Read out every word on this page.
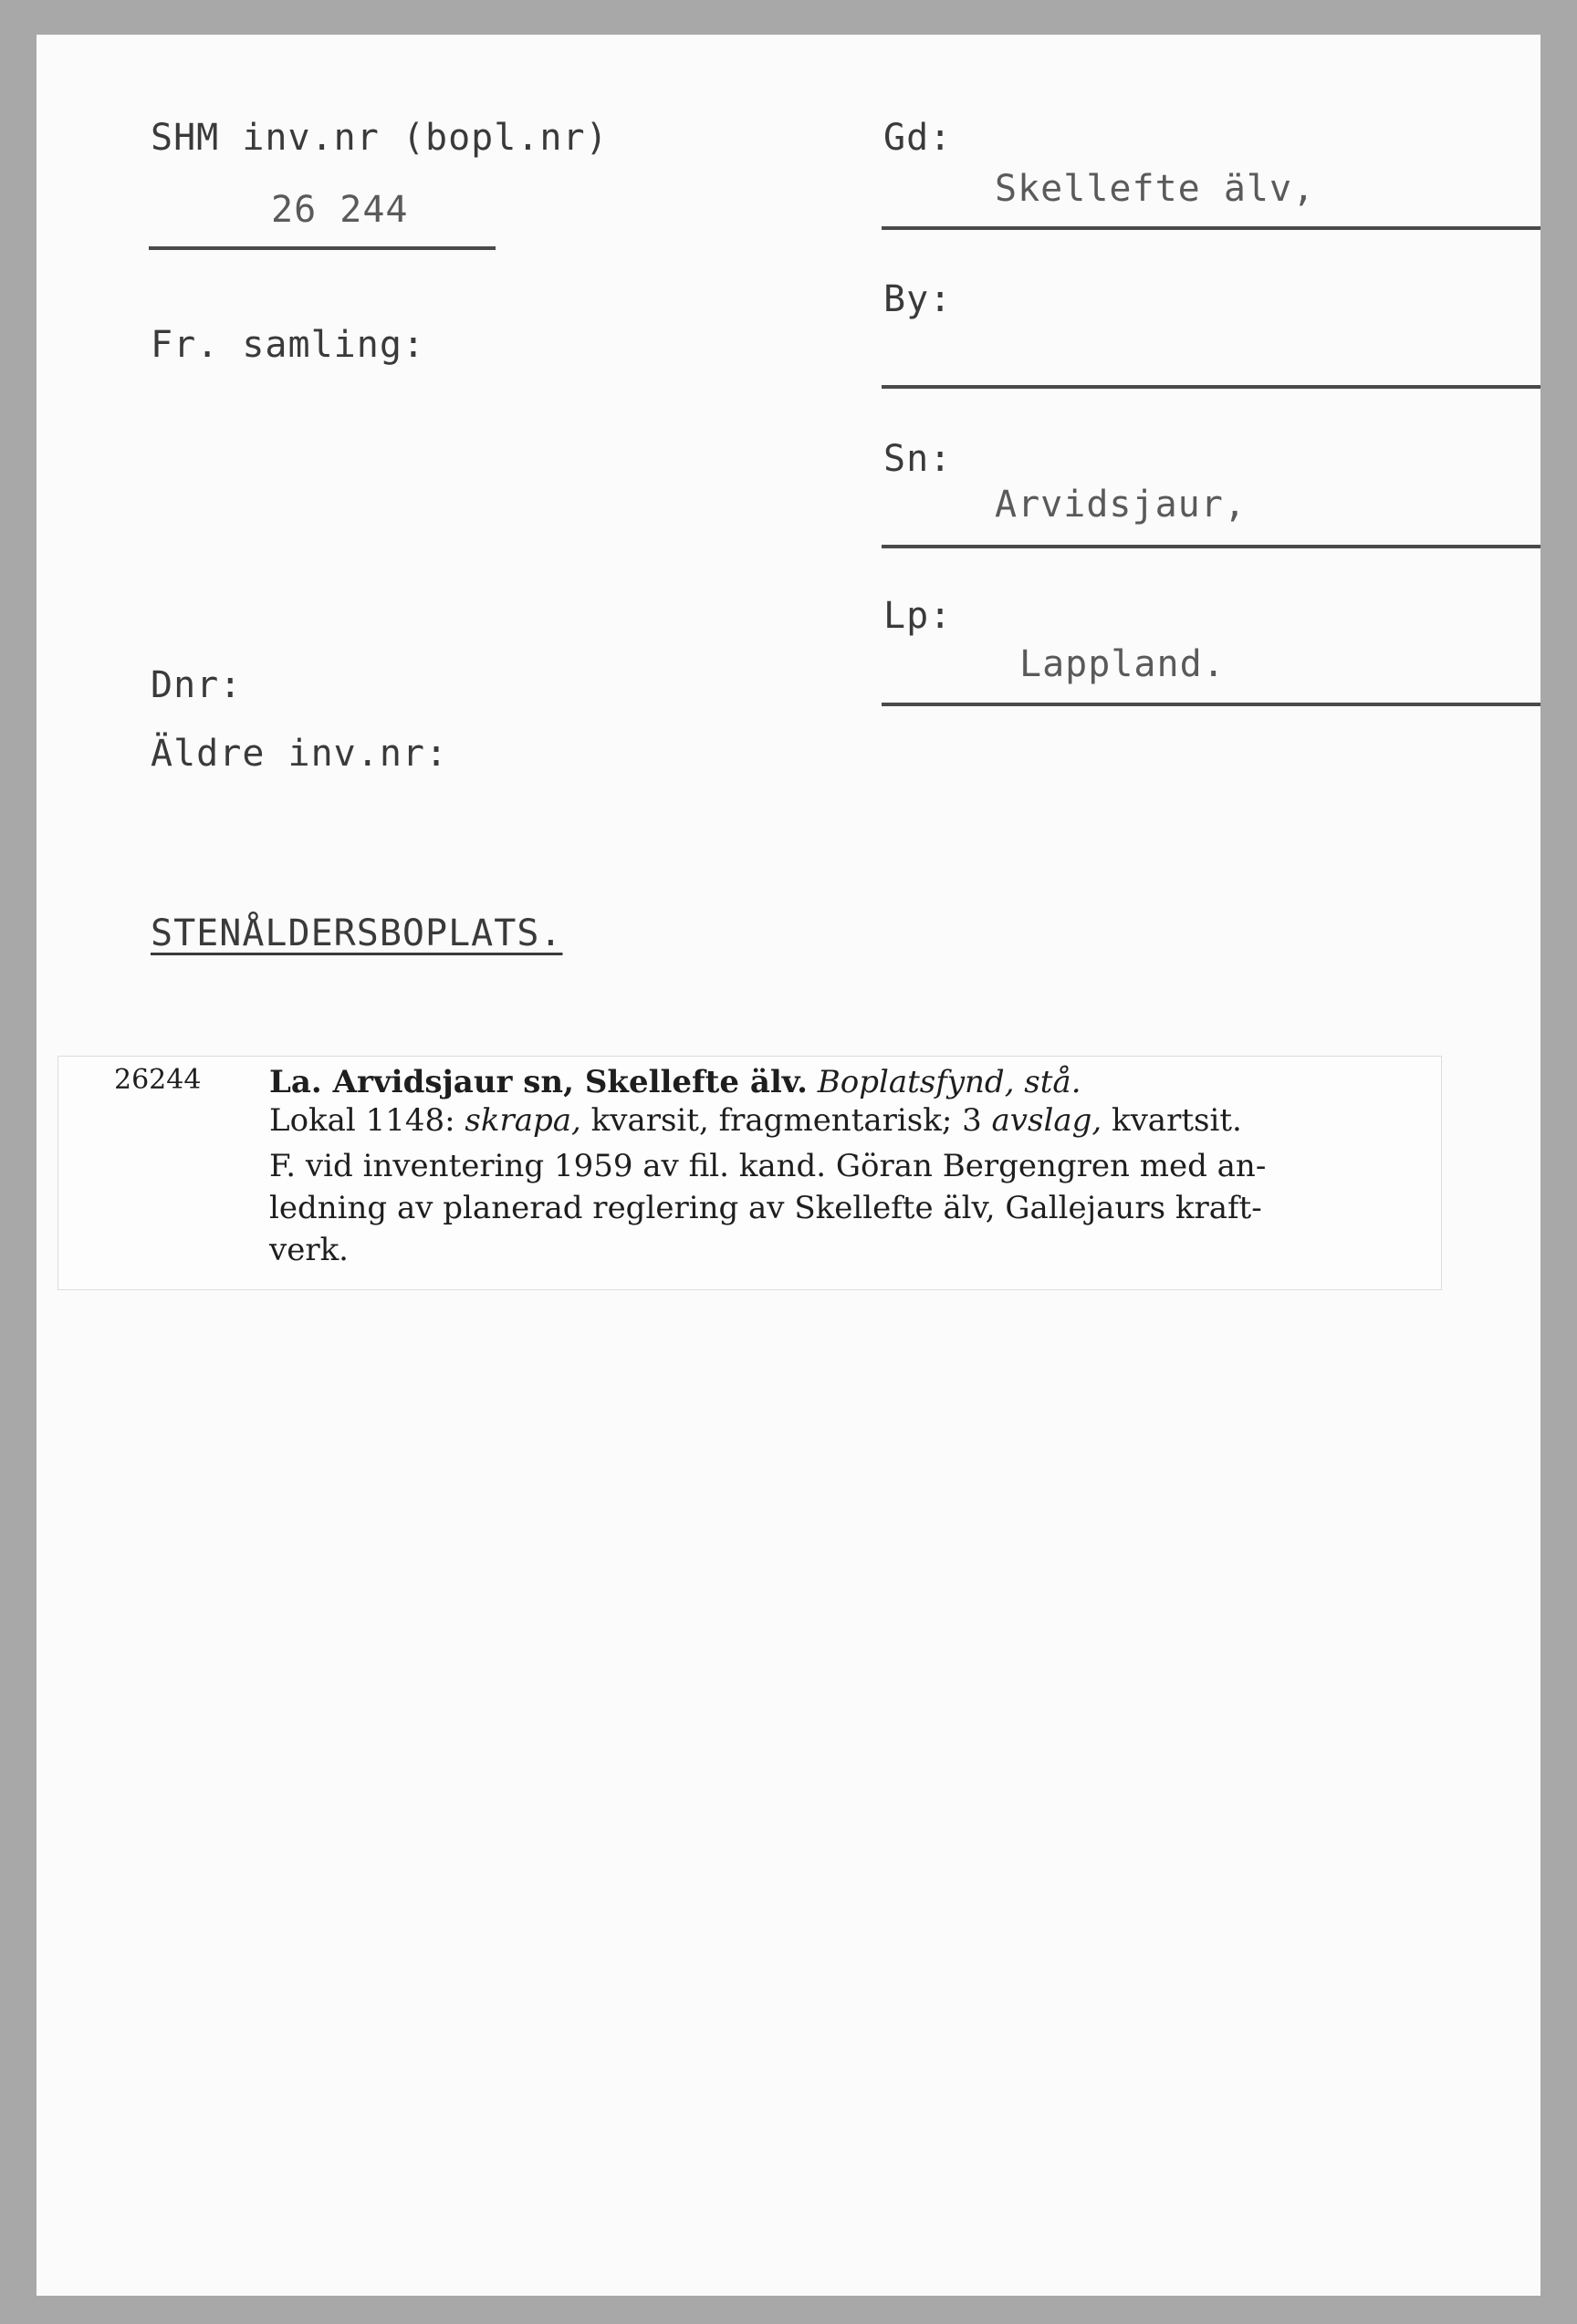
SHM inv.nr (bopl.nr)
26 244
Fr. samling:
Dnr:
Äldre inv.nr:
STENÅLDERSBOPLATS.
Gd:
Skellefte älv,
By:
Sn:
Arvidsjaur,
Lp:
Lappland.
26244 La. Arvidsjaur sn, Skellefte älv. Boplatsfynd, stå.
Lokal 1148: skrapa, kvarsit, fragmentarisk; 3 avslag, kvartsit.
F. vid inventering 1959 av fil. kand. Göran Bergengren med an-
ledning av planerad reglering av Skellefte älv, Gallejaurs kraft-
verk.
